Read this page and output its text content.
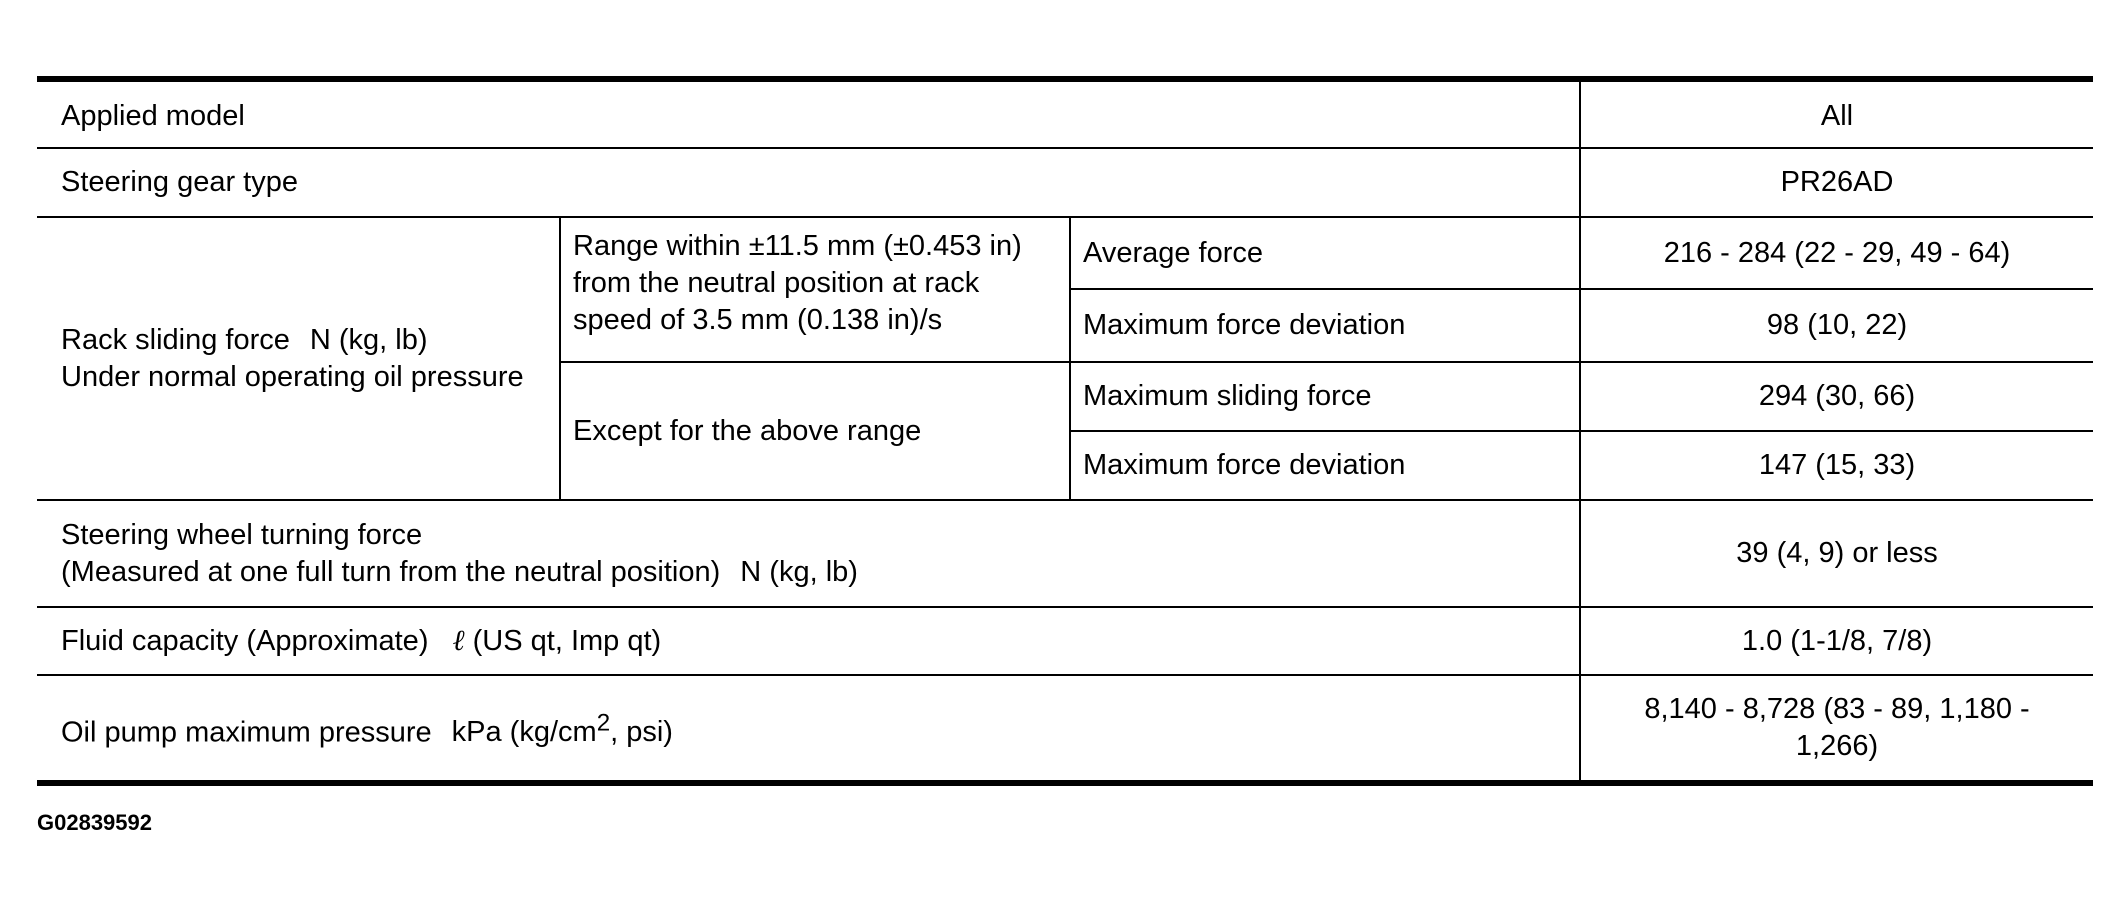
Applied model			All
Steering gear type			PR26AD
Rack sliding force N (kg, lb)
Under normal operating oil pressure	Range within ±11.5 mm (±0.453 in) from the neutral position at rack speed of 3.5 mm (0.138 in)/s	Average force	216 - 284 (22 - 29, 49 - 64)
		Maximum force deviation	98 (10, 22)
	Except for the above range	Maximum sliding force	294 (30, 66)
		Maximum force deviation	147 (15, 33)
Steering wheel turning force
(Measured at one full turn from the neutral position) N (kg, lb)			39 (4, 9) or less
Fluid capacity (Approximate) ℓ (US qt, Imp qt)			1.0 (1-1/8, 7/8)
Oil pump maximum pressure kPa ($kg/cm^2$, psi)			8,140 - 8,728 (83 - 89, 1,180 - 1,266)
G02839592
